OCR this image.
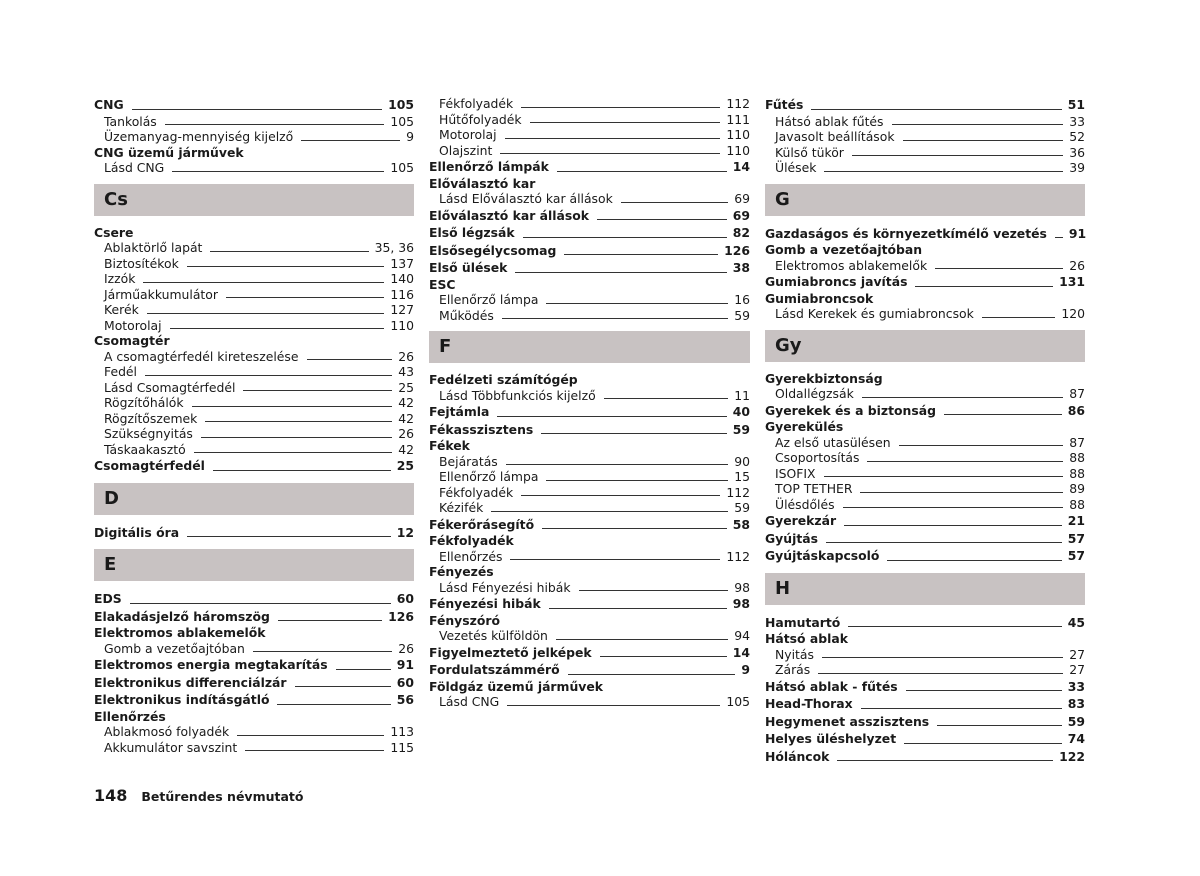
CNG	105
Tankolás	105
Üzemanyag-mennyiség kijelző	9
CNG üzemű járművek
Lásd CNG	105
Cs
Csere
Ablaktörlő lapát	35, 36
Biztosítékok	137
Izzók	140
Járműakkumulátor	116
Kerék	127
Motorolaj	110
Csomagtér
A csomagtérfedél kireteszelése	26
Fedél	43
Lásd Csomagtérfedél	25
Rögzítőhálók	42
Rögzítőszemek	42
Szükségnyitás	26
Táskaakasztó	42
Csomagtérfedél	25
D
Digitális óra	12
E
EDS	60
Elakadásjelző háromszög	126
Elektromos ablakemelők
Gomb a vezetőajtóban	26
Elektromos energia megtakarítás	91
Elektronikus differenciálzár	60
Elektronikus indításgátló	56
Ellenőrzés
Ablakmosó folyadék	113
Akkumulátor savszint	115
Fékfolyadék	112
Hűtőfolyadék	111
Motorolaj	110
Olajszint	110
Ellenőrző lámpák	14
Előválasztó kar
Lásd Előválasztó kar állások	69
Előválasztó kar állások	69
Első légzsák	82
Elsősegélycsomag	126
Első ülések	38
ESC
Ellenőrző lámpa	16
Működés	59
F
Fedélzeti számítógép
Lásd Többfunkciós kijelző	11
Fejtámla	40
Fékasszisztens	59
Fékek
Bejáratás	90
Ellenőrző lámpa	15
Fékfolyadék	112
Kézifék	59
Fékerőrásegítő	58
Fékfolyadék
Ellenőrzés	112
Fényezés
Lásd Fényezési hibák	98
Fényezési hibák	98
Fényszóró
Vezetés külföldön	94
Figyelmeztető jelképek	14
Fordulatszámmérő	9
Földgáz üzemű járművek
Lásd CNG	105
Fűtés	51
Hátsó ablak fűtés	33
Javasolt beállítások	52
Külső tükör	36
Ülések	39
G
Gazdaságos és környezetkímélő vezetés 91
Gomb a vezetőajtóban
Elektromos ablakemelők	26
Gumiabroncs javítás	131
Gumiabroncsok
Lásd Kerekek és gumiabroncsok	120
Gy
Gyerekbiztonság
Oldallégzsák	87
Gyerekek és a biztonság	86
Gyerekülés
Az első utasülésen	87
Csoportosítás	88
ISOFIX	88
TOP TETHER	89
Ülésdőlés	88
Gyerekzár	21
Gyújtás	57
Gyújtáskapcsoló	57
H
Hamutartó	45
Hátsó ablak
Nyitás	27
Zárás	27
Hátsó ablak - fűtés	33
Head-Thorax	83
Hegymenet asszisztens	59
Helyes üléshelyzet	74
Hóláncok	122
148 Betűrendes névmutató
